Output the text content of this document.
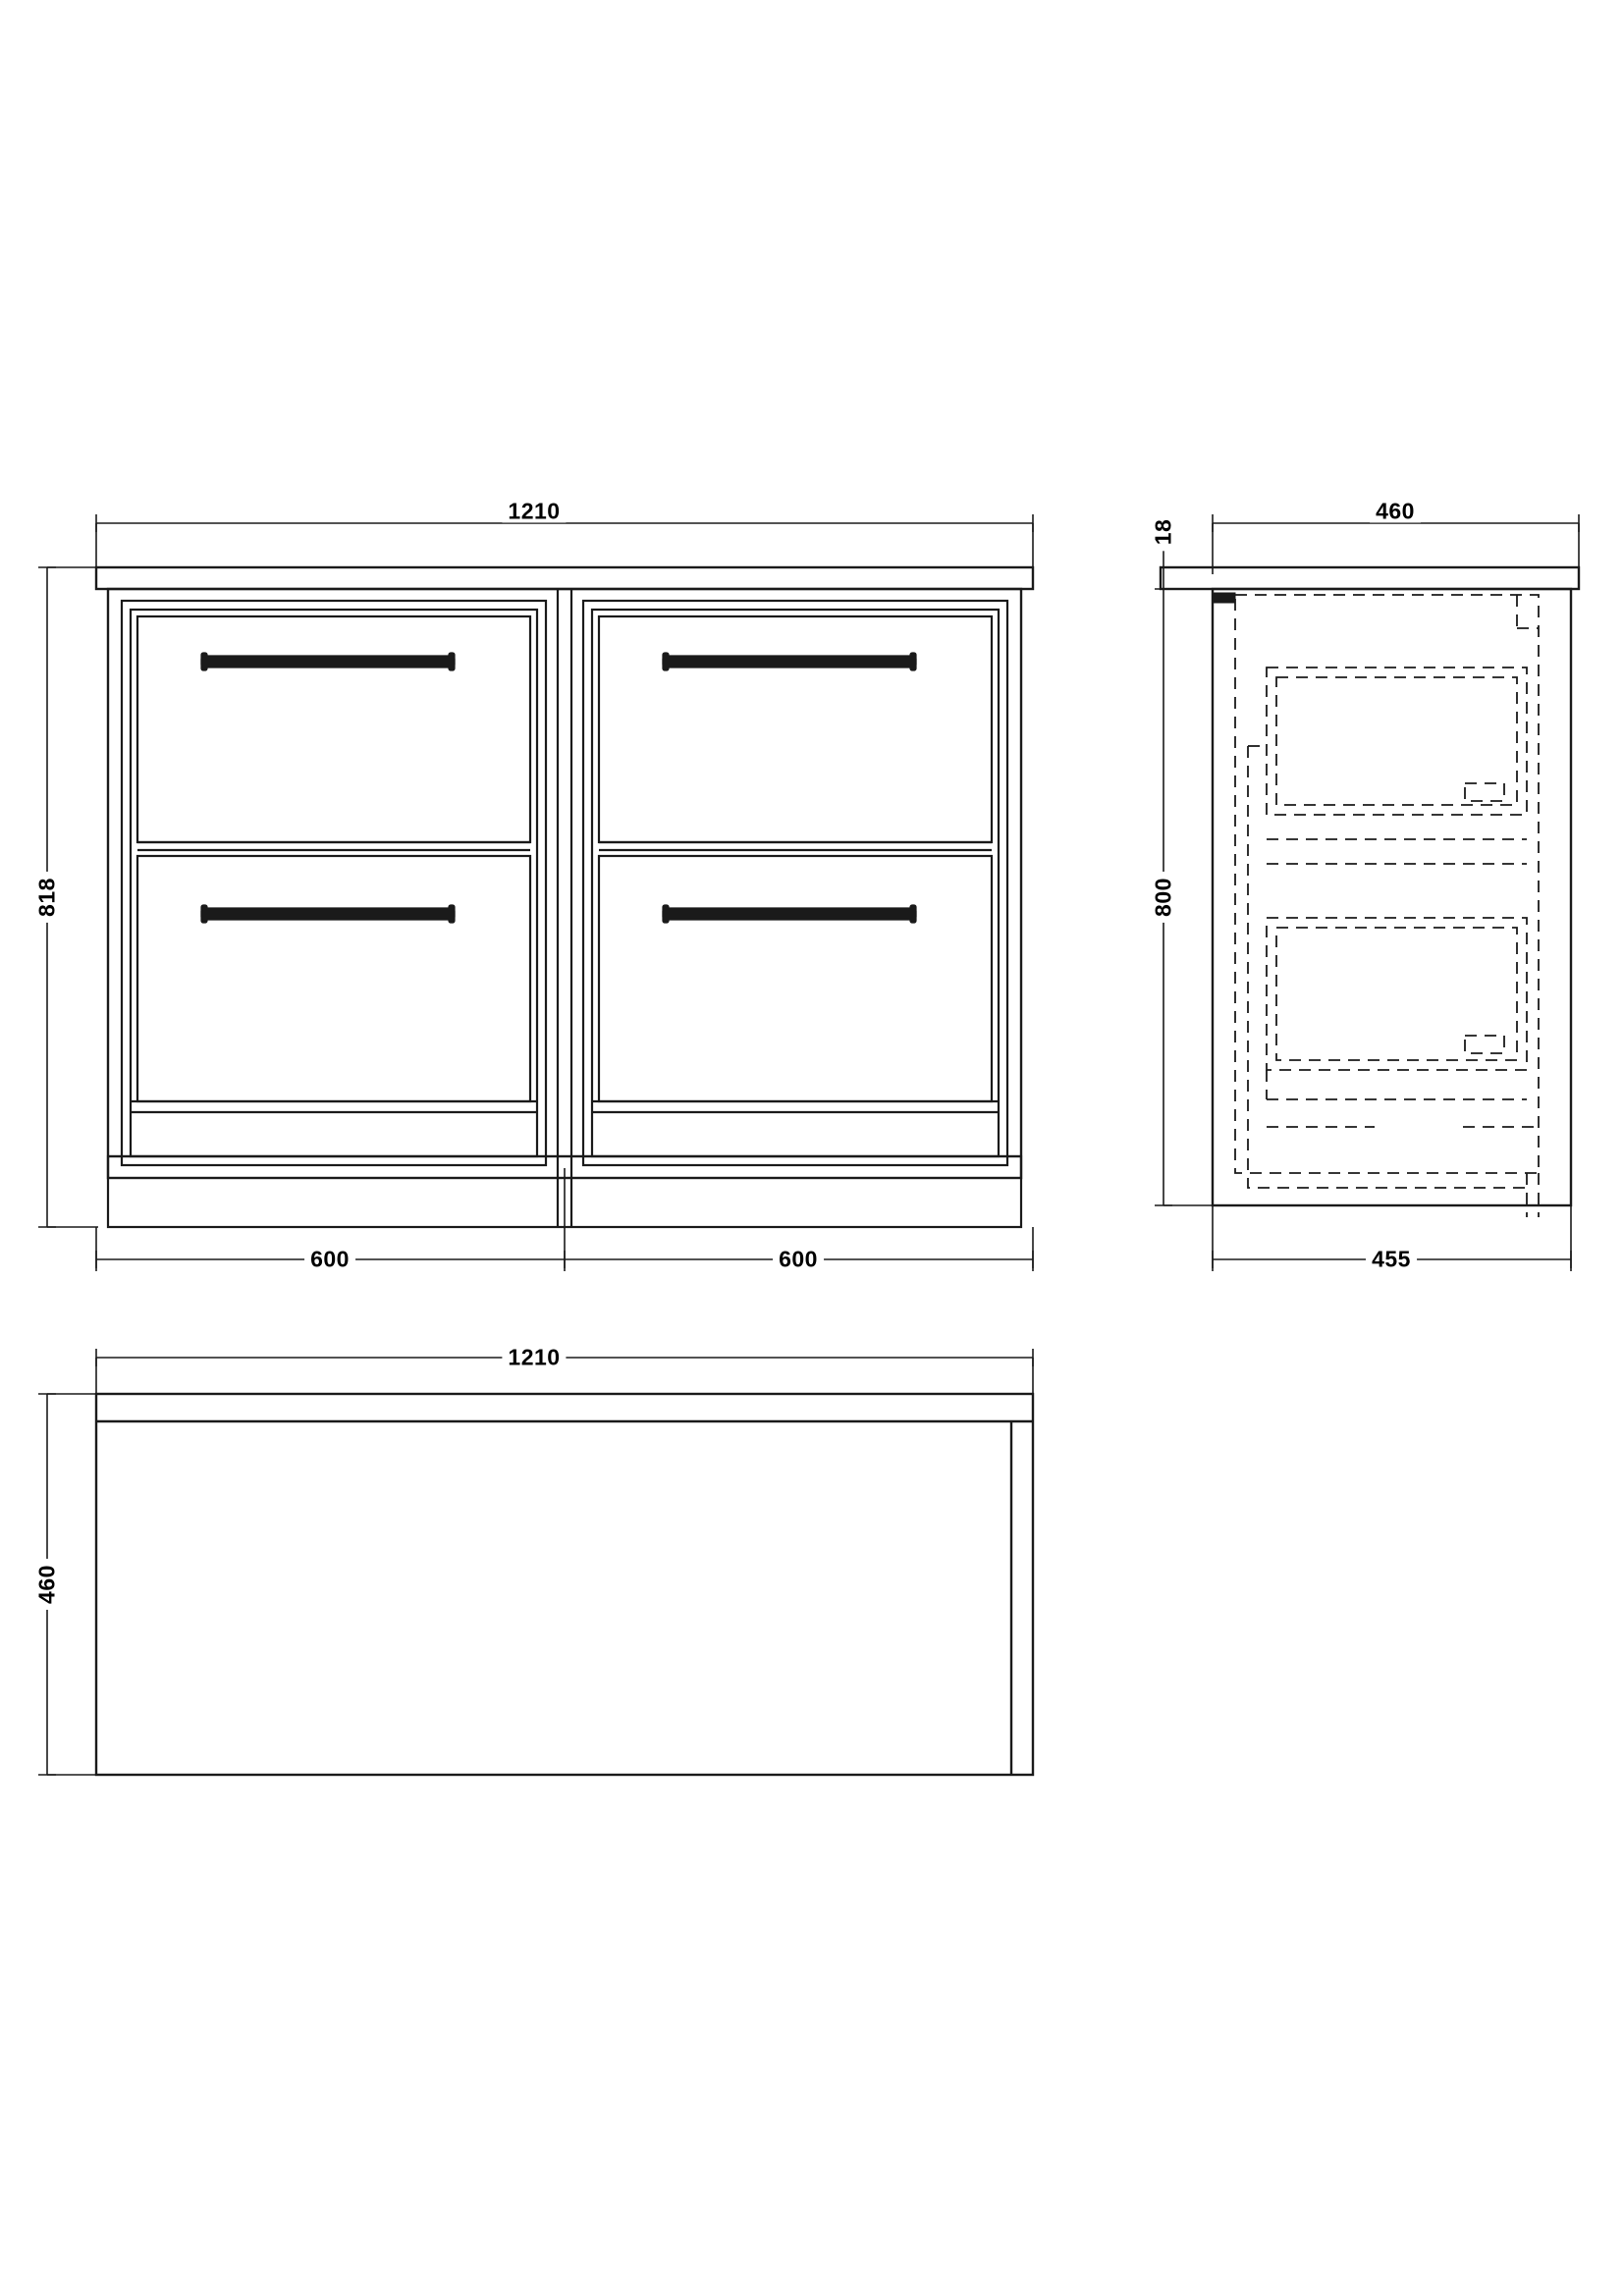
1210
818
600	600
460
18
800
455
1210
460
